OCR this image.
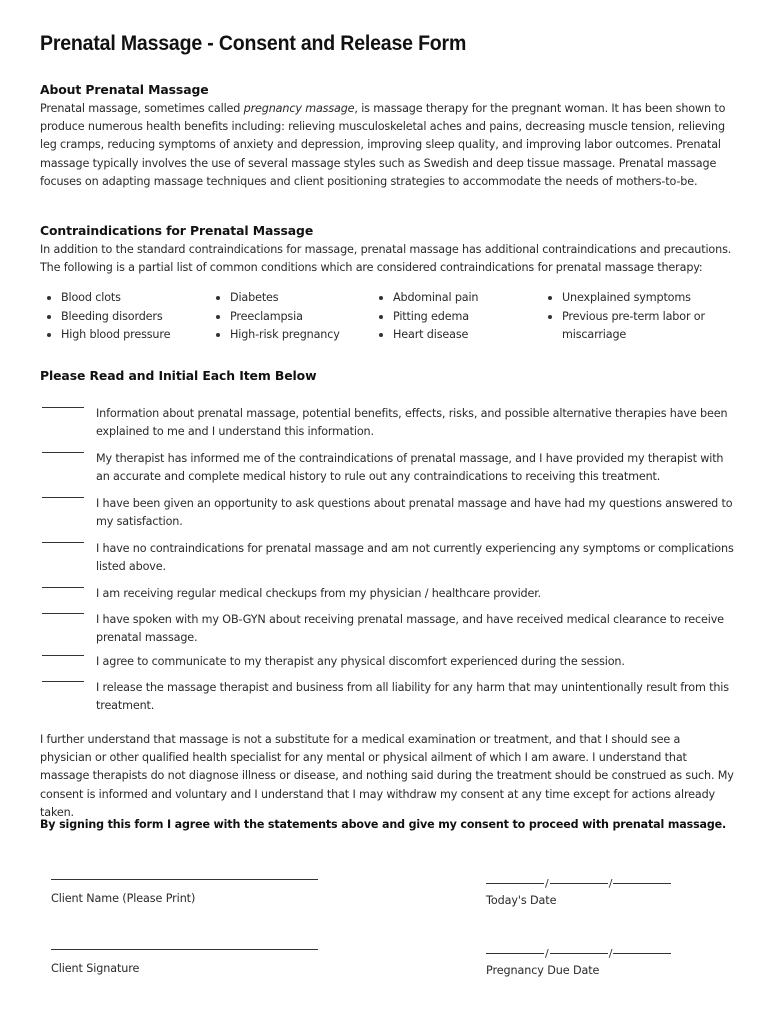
Prenatal Massage - Consent and Release Form
About Prenatal Massage

Prenatal massage, sometimes called pregnancy massage, is massage therapy for the pregnant woman. It has been shown to produce numerous health benefits including: relieving musculoskeletal aches and pains, decreasing muscle tension, relieving leg cramps, reducing symptoms of anxiety and depression, improving sleep quality, and improving labor outcomes. Prenatal massage typically involves the use of several massage styles such as Swedish and deep tissue massage. Prenatal massage focuses on adapting massage techniques and client positioning strategies to accommodate the needs of mothers-to-be.

Contraindications for Prenatal Massage

In addition to the standard contraindications for massage, prenatal massage has additional contraindications and precautions. The following is a partial list of common conditions which are considered contraindications for prenatal massage therapy:

Blood clots
Bleeding disorders
High blood pressure
Diabetes
Preeclampsia
High-risk pregnancy
Abdominal pain
Pitting edema
Heart disease
Unexplained symptoms
Previous pre-term labor or miscarriage
Please Read and Initial Each Item Below

Information about prenatal massage, potential benefits, effects, risks, and possible alternative therapies have been explained to me and I understand this information.

My therapist has informed me of the contraindications of prenatal massage, and I have provided my therapist with an accurate and complete medical history to rule out any contraindications to receiving this treatment.

I have been given an opportunity to ask questions about prenatal massage and have had my questions answered to my satisfaction.

I have no contraindications for prenatal massage and am not currently experiencing any symptoms or complications listed above.

I am receiving regular medical checkups from my physician / healthcare provider.

I have spoken with my OB-GYN about receiving prenatal massage, and have received medical clearance to receive prenatal massage.

I agree to communicate to my therapist any physical discomfort experienced during the session.

I release the massage therapist and business from all liability for any harm that may unintentionally result from this treatment.

I further understand that massage is not a substitute for a medical examination or treatment, and that I should see a physician or other qualified health specialist for any mental or physical ailment of which I am aware. I understand that massage therapists do not diagnose illness or disease, and nothing said during the treatment should be construed as such. My consent is informed and voluntary and I understand that I may withdraw my consent at any time except for actions already taken.

By signing this form I agree with the statements above and give my consent to proceed with prenatal massage.
Client Name (Please Print)
/	/
Today's Date
Client Signature
/	/
Pregnancy Due Date
